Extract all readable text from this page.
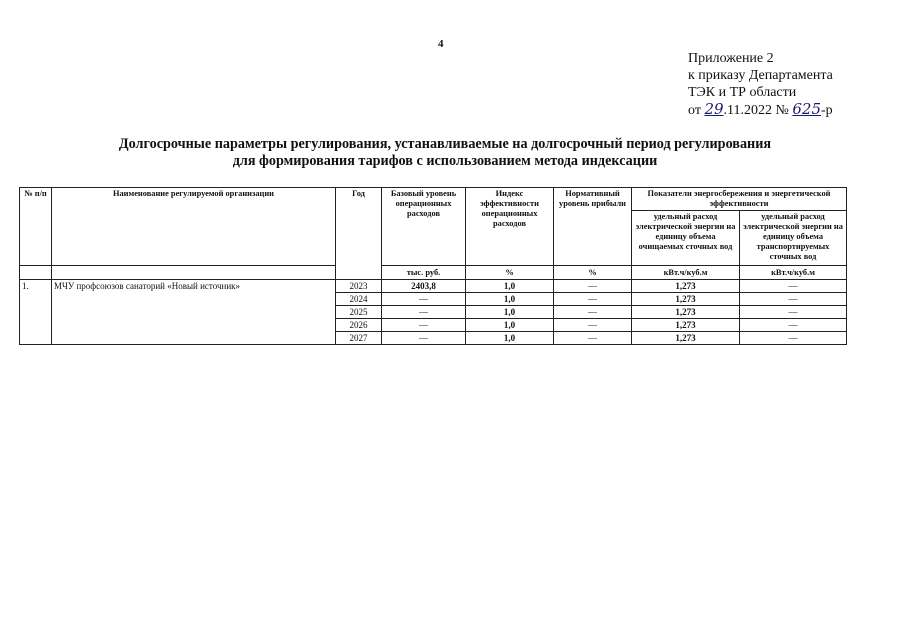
4
Приложение 2
к приказу Департамента
ТЭК и ТР области
от 29.11.2022 № 625-р
Долгосрочные параметры регулирования, устанавливаемые на долгосрочный период регулирования
для формирования тарифов с использованием метода индексации
№ п/п	Наименование регулируемой организации	Год	Базовый уровень операционных расходов	Индекс эффективности операционных расходов	Нормативный уровень прибыли	Показатели энергосбережения и энергетической эффективности	
						удельный расход электрической энергии на единицу объема очищаемых сточных вод	удельный расход электрической энергии на единицу объема транспортируемых сточных вод
			тыс. руб.	%	%	кВт.ч/куб.м	кВт.ч/куб.м
1.	МЧУ профсоюзов санаторий «Новый источник»	2023	2403,8	1,0	—	1,273	—
		2024	—	1,0	—	1,273	—
		2025	—	1,0	—	1,273	—
		2026	—	1,0	—	1,273	—
		2027	—	1,0	—	1,273	—
